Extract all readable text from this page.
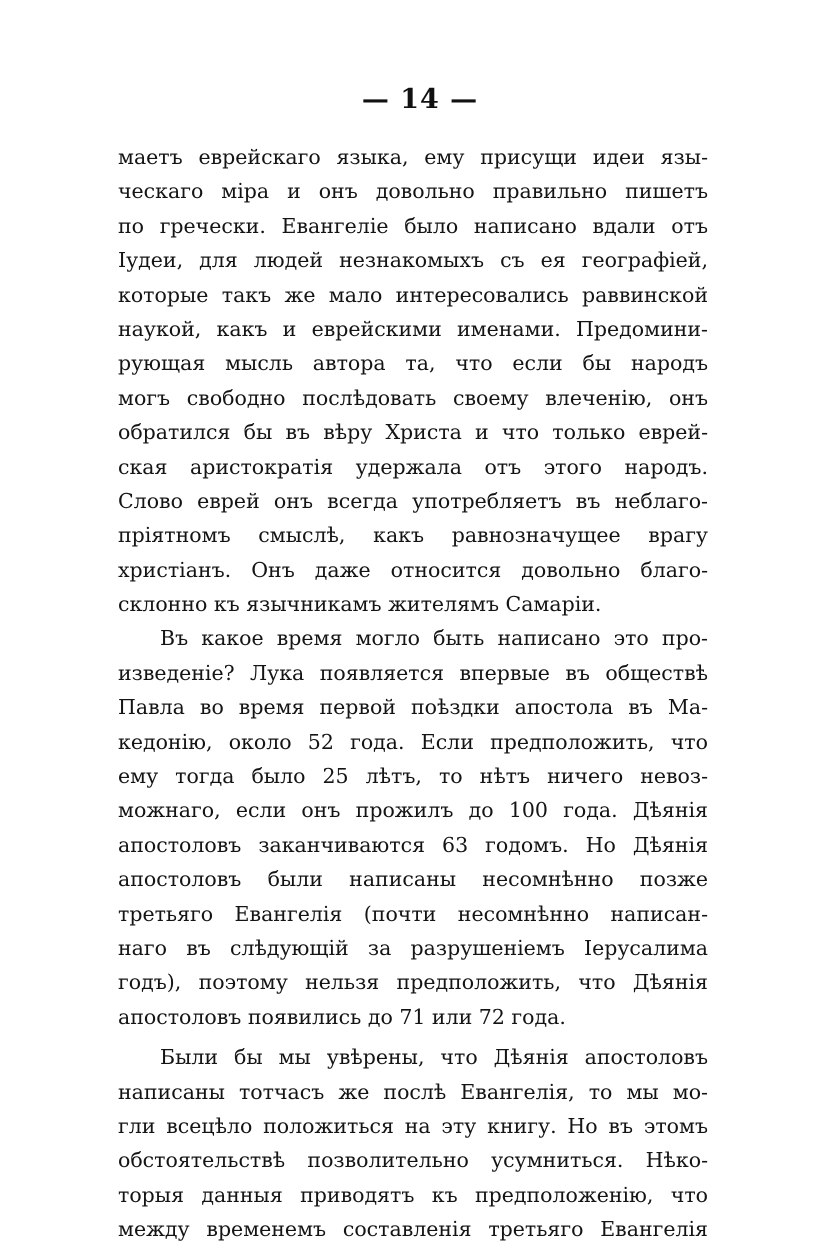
— 14 —
маетъ еврейскаго языка, ему присущи идеи язы-
ческаго міра и онъ довольно правильно пишетъ
по гречески. Евангеліе было написано вдали отъ
Іудеи, для людей незнакомыхъ съ ея географіей,
которые такъ же мало интересовались раввинской
наукой, какъ и еврейскими именами. Предомини-
рующая мысль автора та, что если бы народъ
могъ свободно послѣдовать своему влеченію, онъ
обратился бы въ вѣру Христа и что только еврей-
ская аристократія удержала отъ этого народъ.
Слово еврей онъ всегда употребляетъ въ неблаго-
пріятномъ смыслѣ, какъ равнозначущее врагу
христіанъ. Онъ даже относится довольно благо-
склонно къ язычникамъ жителямъ Самаріи.
Въ какое время могло быть написано это про-
изведеніе? Лука появляется впервые въ обществѣ
Павла во время первой поѣздки апостола въ Ма-
кедонію, около 52 года. Если предположить, что
ему тогда было 25 лѣтъ, то нѣтъ ничего невоз-
можнаго, если онъ прожилъ до 100 года. Дѣянія
апостоловъ заканчиваются 63 годомъ. Но Дѣянія
апостоловъ были написаны несомнѣнно позже
третьяго Евангелія (почти несомнѣнно написан-
наго въ слѣдующій за разрушеніемъ Іерусалима
годъ), поэтому нельзя предположить, что Дѣянія
апостоловъ появились до 71 или 72 года.
Были бы мы увѣрены, что Дѣянія апостоловъ
написаны тотчасъ же послѣ Евангелія, то мы мо-
гли всецѣло положиться на эту книгу. Но въ этомъ
обстоятельствѣ позволительно усумниться. Нѣко-
торыя данныя приводятъ къ предположенію, что
между временемъ составленія третьяго Евангелія
